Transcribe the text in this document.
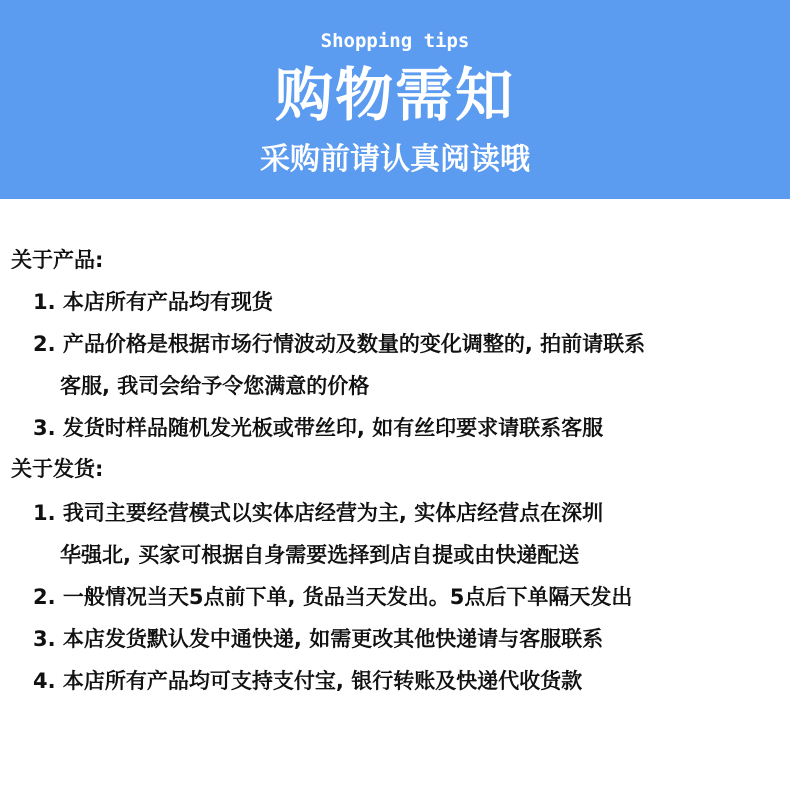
Shopping tips
购物需知
采购前请认真阅读哦
关于产品:
1. 本店所有产品均有现货
2. 产品价格是根据市场行情波动及数量的变化调整的, 拍前请联系
客服, 我司会给予令您满意的价格
3. 发货时样品随机发光板或带丝印, 如有丝印要求请联系客服
关于发货:
1. 我司主要经营模式以实体店经营为主, 实体店经营点在深圳
华强北, 买家可根据自身需要选择到店自提或由快递配送
2. 一般情况当天5点前下单, 货品当天发出。5点后下单隔天发出
3. 本店发货默认发中通快递, 如需更改其他快递请与客服联系
4. 本店所有产品均可支持支付宝, 银行转账及快递代收货款
